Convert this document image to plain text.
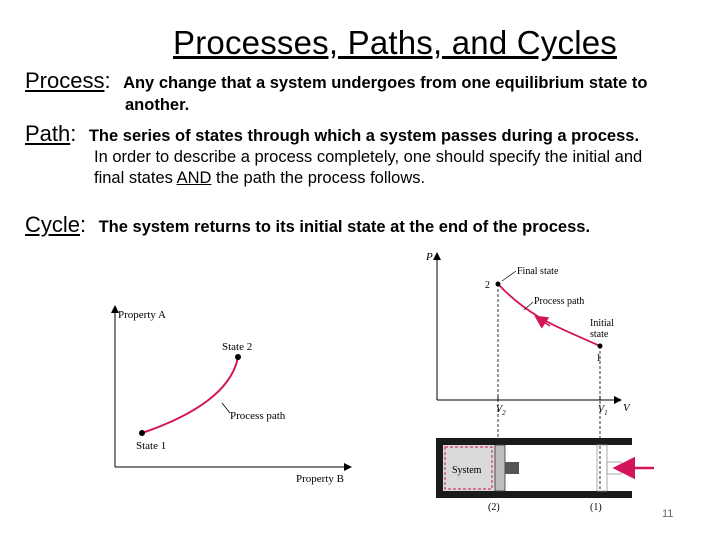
Processes, Paths, and Cycles
Process: Any change that a system undergoes from one equilibrium state to
another.
Path: The series of states through which a system passes during a process.
In order to describe a process completely, one should specify the initial and
final states AND the path the process follows.
Cycle: The system returns to its initial state at the end of the process.
Property A
Property B
State 1
State 2
Process path
P
V
2
1
Final state
Process path
Initial
state
$V_2$	$V_1$
System
(2)	(1)
11
